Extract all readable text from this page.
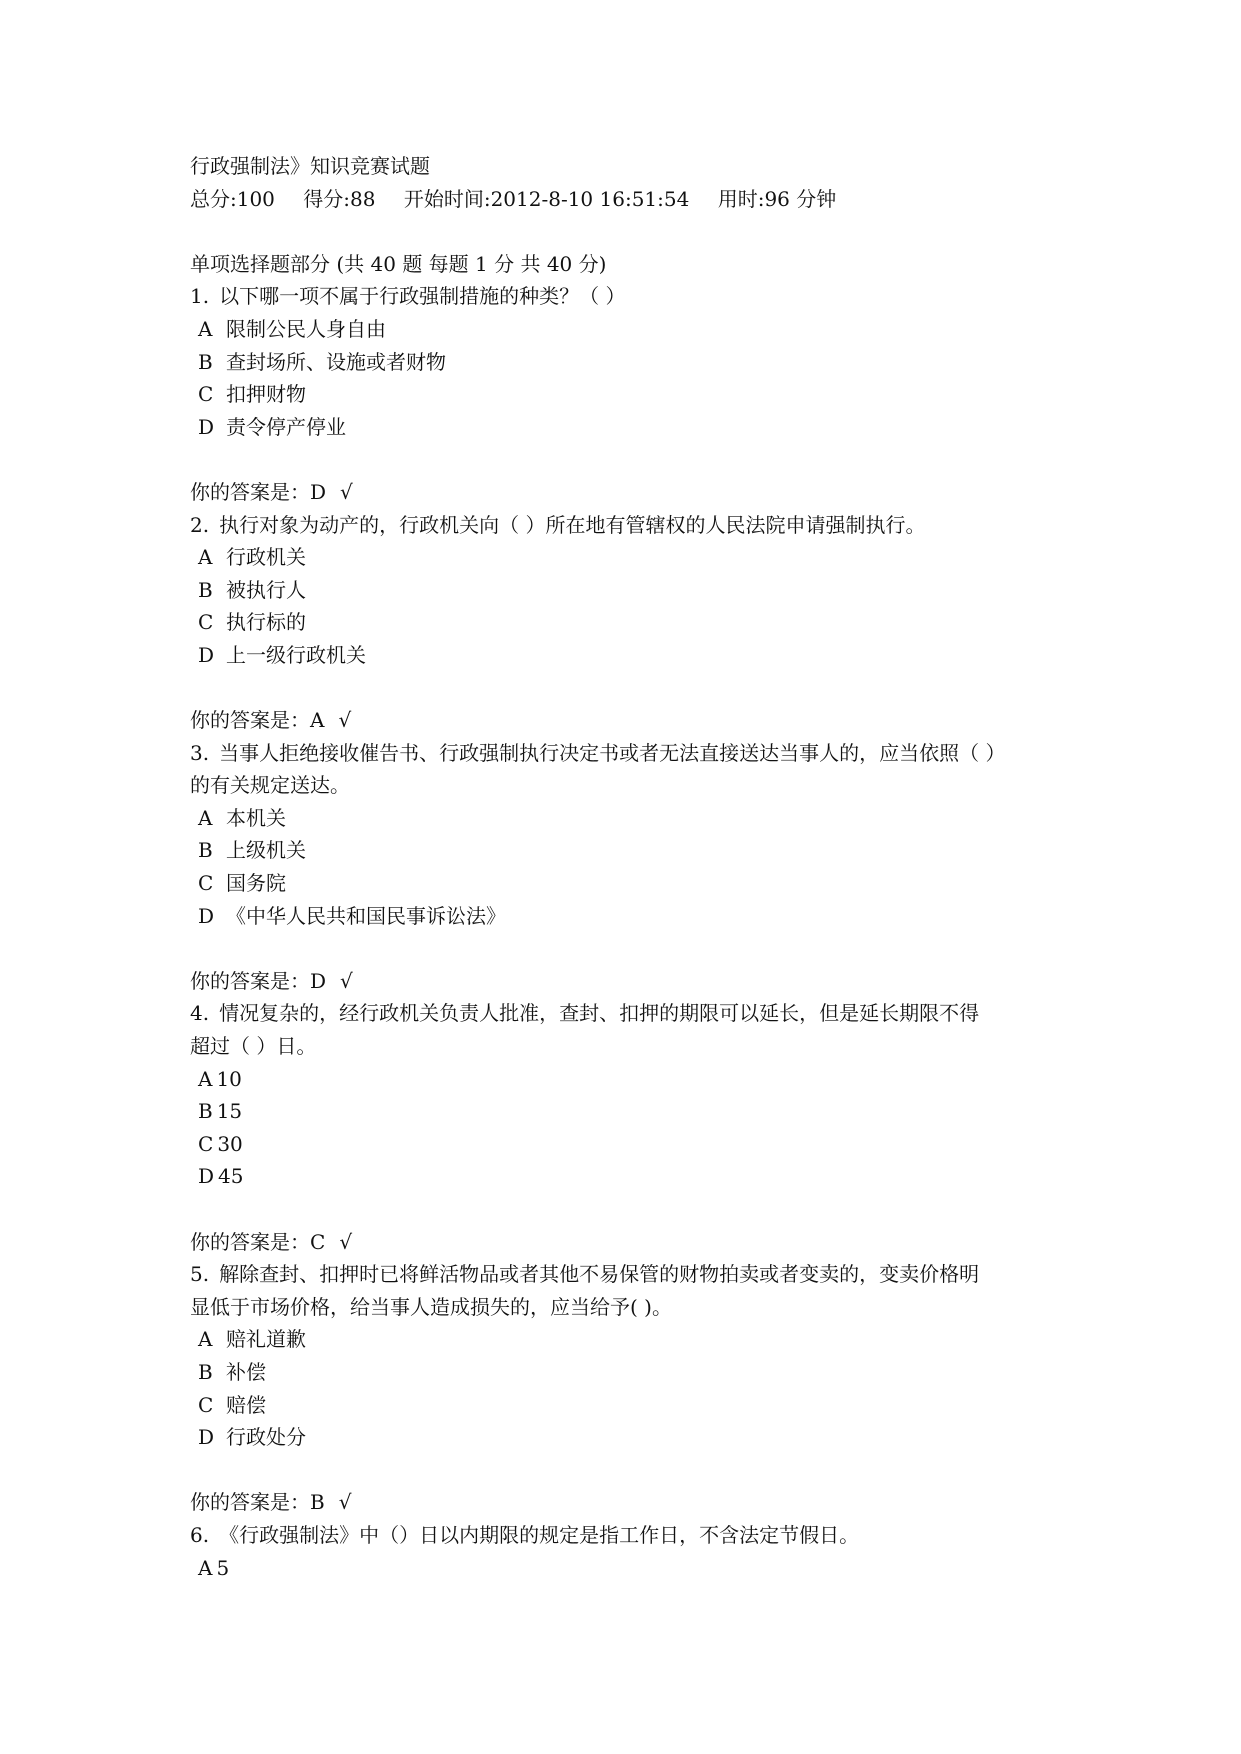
行政强制法》知识竞赛试题
总分:100 得分:88 开始时间:2012-8-10 16:51:54 用时:96 分钟
单项选择题部分 (共 40 题 每题 1 分 共 40 分)
1. 以下哪一项不属于行政强制措施的种类？（ ）
A 限制公民人身自由
B 查封场所、设施或者财物
C 扣押财物
D 责令停产停业
你的答案是：D √
2. 执行对象为动产的，行政机关向（ ）所在地有管辖权的人民法院申请强制执行。
A 行政机关
B 被执行人
C 执行标的
D 上一级行政机关
你的答案是：A √
3. 当事人拒绝接收催告书、行政强制执行决定书或者无法直接送达当事人的，应当依照（ ）
的有关规定送达。
A 本机关
B 上级机关
C 国务院
D 《中华人民共和国民事诉讼法》
你的答案是：D √
4. 情况复杂的，经行政机关负责人批准，查封、扣押的期限可以延长，但是延长期限不得
超过（ ）日。
A 10
B 15
C 30
D 45
你的答案是：C √
5. 解除查封、扣押时已将鲜活物品或者其他不易保管的财物拍卖或者变卖的，变卖价格明
显低于市场价格，给当事人造成损失的，应当给予( )。
A 赔礼道歉
B 补偿
C 赔偿
D 行政处分
你的答案是：B √
6. 《行政强制法》中（）日以内期限的规定是指工作日，不含法定节假日。
A 5
